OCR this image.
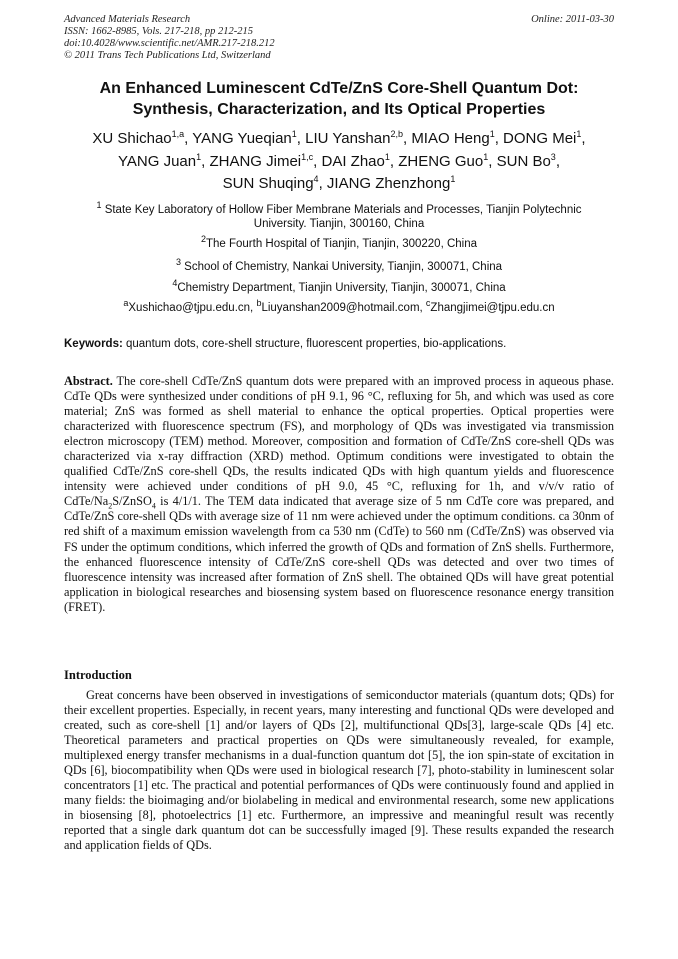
Advanced Materials Research
ISSN: 1662-8985, Vols. 217-218, pp 212-215
doi:10.4028/www.scientific.net/AMR.217-218.212
© 2011 Trans Tech Publications Ltd, Switzerland
Online: 2011-03-30
An Enhanced Luminescent CdTe/ZnS Core-Shell Quantum Dot:
Synthesis, Characterization, and Its Optical Properties
XU Shichao$^{1,a}$, YANG Yueqian$^1$, LIU Yanshan$^{2,b}$, MIAO Heng$^1$, DONG Mei$^1$,
YANG Juan$^1$, ZHANG Jimei$^{1,c}$, DAI Zhao$^1$, ZHENG Guo$^1$, SUN Bo$^3$,
SUN Shuqing$^4$, JIANG Zhenzhong$^1$
$^1$ State Key Laboratory of Hollow Fiber Membrane Materials and Processes, Tianjin Polytechnic
University. Tianjin, 300160, China
$^2$The Fourth Hospital of Tianjin, Tianjin, 300220, China
$^3$ School of Chemistry, Nankai University, Tianjin, 300071, China
$^4$Chemistry Department, Tianjin University, Tianjin, 300071, China
$^a$Xushichao@tjpu.edu.cn, $^b$Liuyanshan2009@hotmail.com, $^c$Zhangjimei@tjpu.edu.cn
Keywords: quantum dots, core-shell structure, fluorescent properties, bio-applications.
Abstract. The core-shell CdTe/ZnS quantum dots were prepared with an improved process in aqueous phase. CdTe QDs were synthesized under conditions of pH 9.1, 96 °C, refluxing for 5h, and which was used as core material; ZnS was formed as shell material to enhance the optical properties. Optical properties were characterized with fluorescence spectrum (FS), and morphology of QDs was investigated via transmission electron microscopy (TEM) method. Moreover, composition and formation of CdTe/ZnS core-shell QDs was characterized via x-ray diffraction (XRD) method. Optimum conditions were investigated to obtain the qualified CdTe/ZnS core-shell QDs, the results indicated QDs with high quantum yields and fluorescence intensity were achieved under conditions of pH 9.0, 45 °C, refluxing for 1h, and v/v/v ratio of CdTe/$Na_2S/ZnSO_4$ is 4/1/1. The TEM data indicated that average size of 5 nm CdTe core was prepared, and CdTe/ZnS core-shell QDs with average size of 11 nm were achieved under the optimum conditions. ca 30nm of red shift of a maximum emission wavelength from ca 530 nm (CdTe) to 560 nm (CdTe/ZnS) was observed via FS under the optimum conditions, which inferred the growth of QDs and formation of ZnS shells. Furthermore, the enhanced fluorescence intensity of CdTe/ZnS core-shell QDs was detected and over two times of fluorescence intensity was increased after formation of ZnS shell. The obtained QDs will have great potential application in biological researches and biosensing system based on fluorescence resonance energy transition (FRET).
Introduction
Great concerns have been observed in investigations of semiconductor materials (quantum dots; QDs) for their excellent properties. Especially, in recent years, many interesting and functional QDs were developed and created, such as core-shell [1] and/or layers of QDs [2], multifunctional QDs[3], large-scale QDs [4] etc. Theoretical parameters and practical properties on QDs were simultaneously revealed, for example, multiplexed energy transfer mechanisms in a dual-function quantum dot [5], the ion spin-state of excitation in QDs [6], biocompatibility when QDs were used in biological research [7], photo-stability in luminescent solar concentrators [1] etc. The practical and potential performances of QDs were continuously found and applied in many fields: the bioimaging and/or biolabeling in medical and environmental research, some new applications in biosensing [8], photoelectrics [1] etc. Furthermore, an impressive and meaningful result was recently reported that a single dark quantum dot can be successfully imaged [9]. These results expanded the research and application fields of QDs.
